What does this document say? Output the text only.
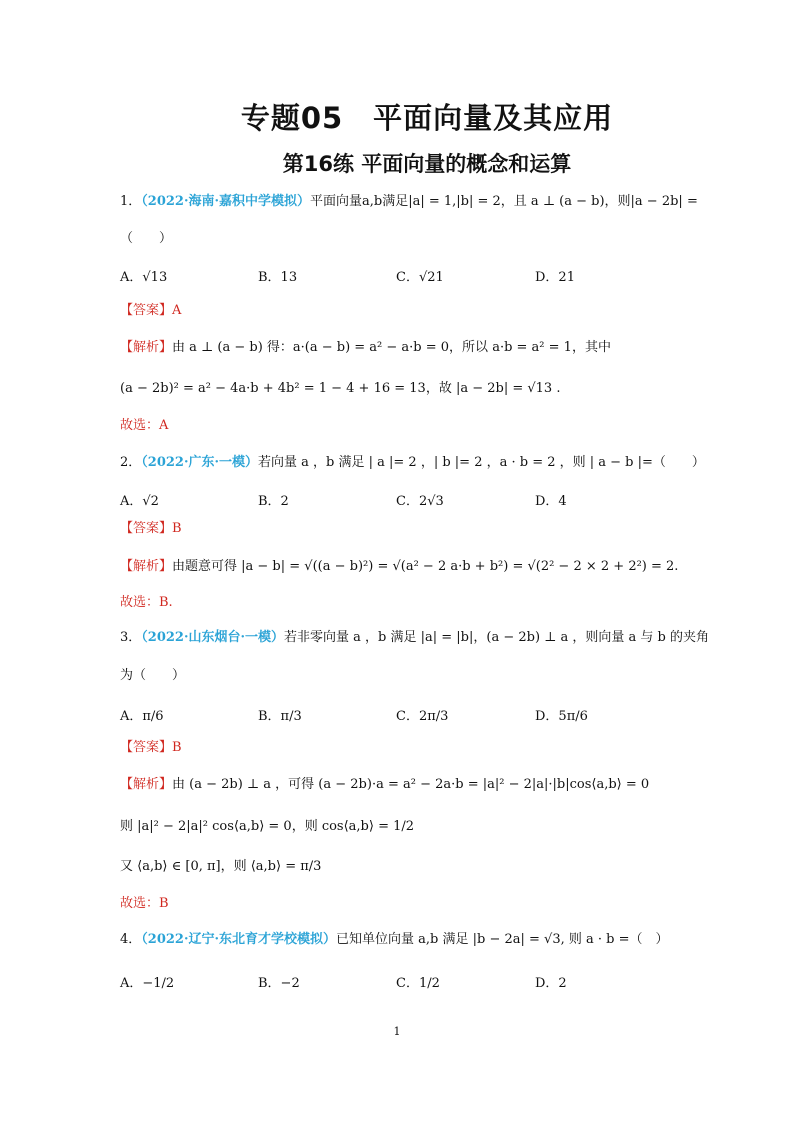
专题05　平面向量及其应用
第16练 平面向量的概念和运算
1．（2022·海南·嘉积中学模拟）平面向量a,b满足|a| = 1,|b| = 2，且 a ⊥ (a − b)，则|a − 2b| =
（　　）
A．√13	B．13	C．√21	D．21
【答案】A
【解析】由 a ⊥ (a − b) 得：a·(a − b) = a² − a·b = 0，所以 a·b = a² = 1，其中
(a − 2b)² = a² − 4a·b + 4b² = 1 − 4 + 16 = 13，故 |a − 2b| = √13 .
故选：A
2．（2022·广东·一模）若向量 a ，b 满足 | a |= 2 ，| b |= 2 ，a · b = 2 ，则 | a − b |=（　　）
A．√2	B．2	C．2√3	D．4
【答案】B
【解析】由题意可得 |a − b| = √((a − b)²) = √(a² − 2 a·b + b²) = √(2² − 2 × 2 + 2²) = 2.
故选：B.
3．（2022·山东烟台·一模）若非零向量 a ，b 满足 |a| = |b|，(a − 2b) ⊥ a ，则向量 a 与 b 的夹角
为（　　）
A．π/6	B．π/3	C．2π/3	D．5π/6
【答案】B
【解析】由 (a − 2b) ⊥ a ，可得 (a − 2b)·a = a² − 2a·b = |a|² − 2|a|·|b|cos⟨a,b⟩ = 0
则 |a|² − 2|a|² cos⟨a,b⟩ = 0，则 cos⟨a,b⟩ = 1/2
又 ⟨a,b⟩ ∈ [0, π]，则 ⟨a,b⟩ = π/3
故选：B
4．（2022·辽宁·东北育才学校模拟）已知单位向量 a,b 满足 |b − 2a| = √3, 则 a · b =（　）
A．−1/2	B．−2	C．1/2	D．2
1
